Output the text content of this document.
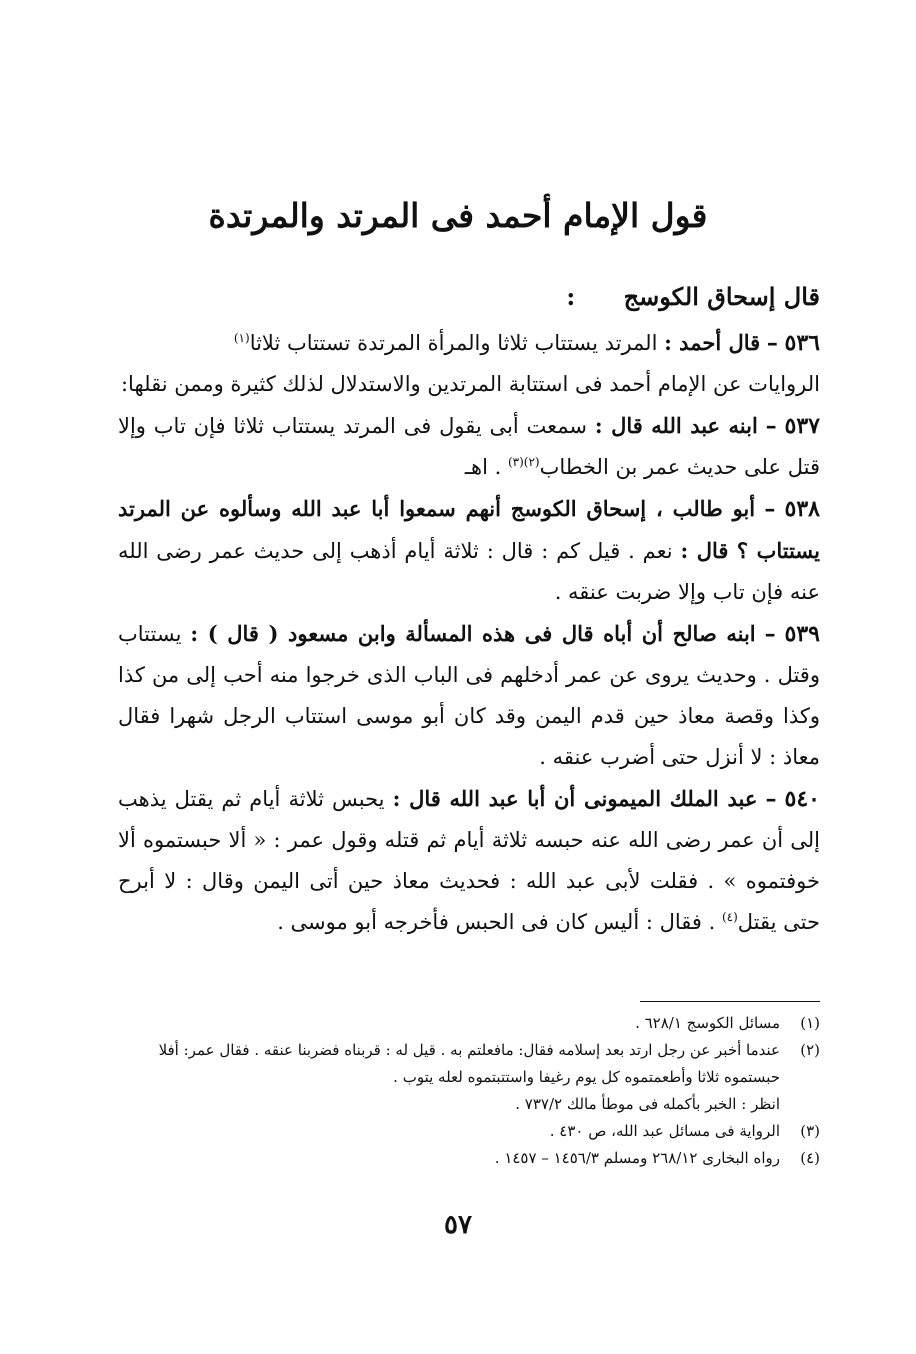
قول الإمام أحمد فى المرتد والمرتدة
قال إسحاق الكوسج :

٥٣٦ – قال أحمد : المرتد يستتاب ثلاثا والمرأة المرتدة تستتاب ثلاثا$^{(١)}$

الروايات عن الإمام أحمد فى استتابة المرتدين والاستدلال لذلك كثيرة وممن نقلها:

٥٣٧ – ابنه عبد الله قال : سمعت أبى يقول فى المرتد يستتاب ثلاثا فإن تاب وإلا قتل على حديث عمر بن الخطاب$^{(٢)(٣)}$ . اهـ

٥٣٨ – أبو طالب ، إسحاق الكوسج أنهم سمعوا أبا عبد الله وسألوه عن المرتد يستتاب ؟ قال : نعم . قيل كم : قال : ثلاثة أيام أذهب إلى حديث عمر رضى الله عنه فإن تاب وإلا ضربت عنقه .

٥٣٩ – ابنه صالح أن أباه قال فى هذه المسألة وابن مسعود ( قال ) : يستتاب وقتل . وحديث يروى عن عمر أدخلهم فى الباب الذى خرجوا منه أحب إلى من كذا وكذا وقصة معاذ حين قدم اليمن وقد كان أبو موسى استتاب الرجل شهرا فقال معاذ : لا أنزل حتى أضرب عنقه .

٥٤٠ – عبد الملك الميمونى أن أبا عبد الله قال : يحبس ثلاثة أيام ثم يقتل يذهب إلى أن عمر رضى الله عنه حبسه ثلاثة أيام ثم قتله وقول عمر : « ألا حبستموه ألا خوفتموه » . فقلت لأبى عبد الله : فحديث معاذ حين أتى اليمن وقال : لا أبرح حتى يقتل$^{(٤)}$ . فقال : أليس كان فى الحبس فأخرجه أبو موسى .

(١)
مسائل الكوسج ٦٢٨/١ .
(٢)
عندما أخبر عن رجل ارتد بعد إسلامه فقال: مافعلتم به . قيل له : قربناه فضربنا عنقه . فقال عمر: أفلا حبستموه ثلاثا وأطعمتموه كل يوم رغيفا واستتبتموه لعله يتوب .
انظر : الخبر بأكمله فى موطأ مالك ٧٣٧/٢ .
(٣)
الرواية فى مسائل عبد الله، ص ٤٣٠ .
(٤)
رواه البخارى ٢٦٨/١٢ ومسلم ١٤٥٦/٣ – ١٤٥٧ .
٥٧
